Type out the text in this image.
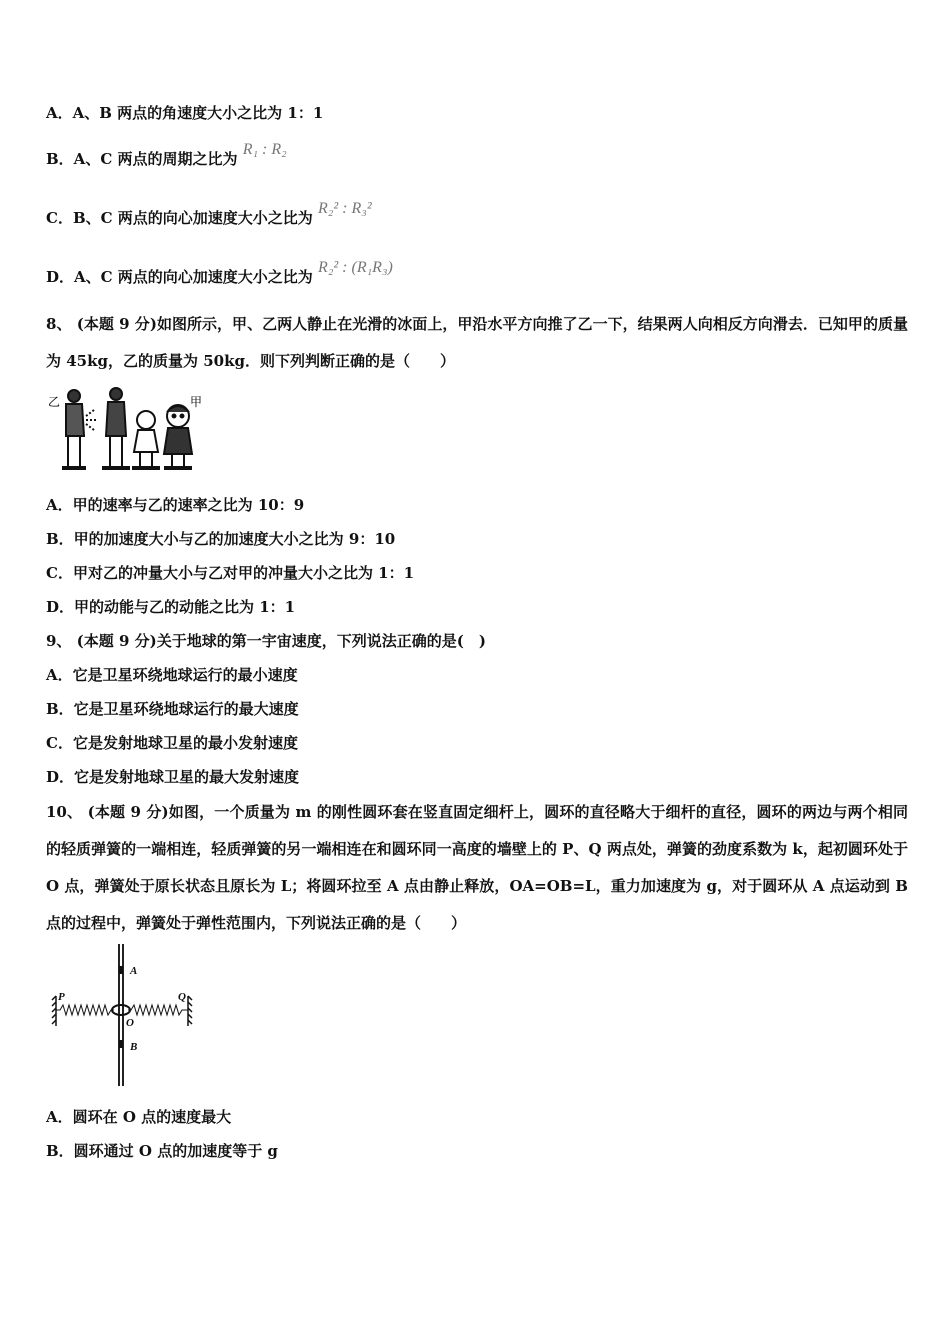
A．A、B 两点的角速度大小之比为 1：1
B．A、C 两点的周期之比为 R₁ : R₂
C．B、C 两点的向心加速度大小之比为 R₂² : R₃²
D．A、C 两点的向心加速度大小之比为 R₂² : (R₁R₃)
8、 (本题 9 分)如图所示，甲、乙两人静止在光滑的冰面上，甲沿水平方向推了乙一下，结果两人向相反方向滑去．已知甲的质量为 45kg，乙的质量为 50kg．则下列判断正确的是（　　）
乙	甲
A．甲的速率与乙的速率之比为 10：9
B．甲的加速度大小与乙的加速度大小之比为 9：10
C．甲对乙的冲量大小与乙对甲的冲量大小之比为 1：1
D．甲的动能与乙的动能之比为 1：1
9、 (本题 9 分)关于地球的第一宇宙速度，下列说法正确的是(　)
A．它是卫星环绕地球运行的最小速度
B．它是卫星环绕地球运行的最大速度
C．它是发射地球卫星的最小发射速度
D．它是发射地球卫星的最大发射速度
10、 (本题 9 分)如图，一个质量为 m 的刚性圆环套在竖直固定细杆上，圆环的直径略大于细杆的直径，圆环的两边与两个相同的轻质弹簧的一端相连，轻质弹簧的另一端相连在和圆环同一高度的墙壁上的 P、Q 两点处，弹簧的劲度系数为 k，起初圆环处于 O 点，弹簧处于原长状态且原长为 L；将圆环拉至 A 点由静止释放，OA=OB=L，重力加速度为 g，对于圆环从 A 点运动到 B 点的过程中，弹簧处于弹性范围内，下列说法正确的是（　　）
P	Q
A
O
B
A．圆环在 O 点的速度最大
B．圆环通过 O 点的加速度等于 g
